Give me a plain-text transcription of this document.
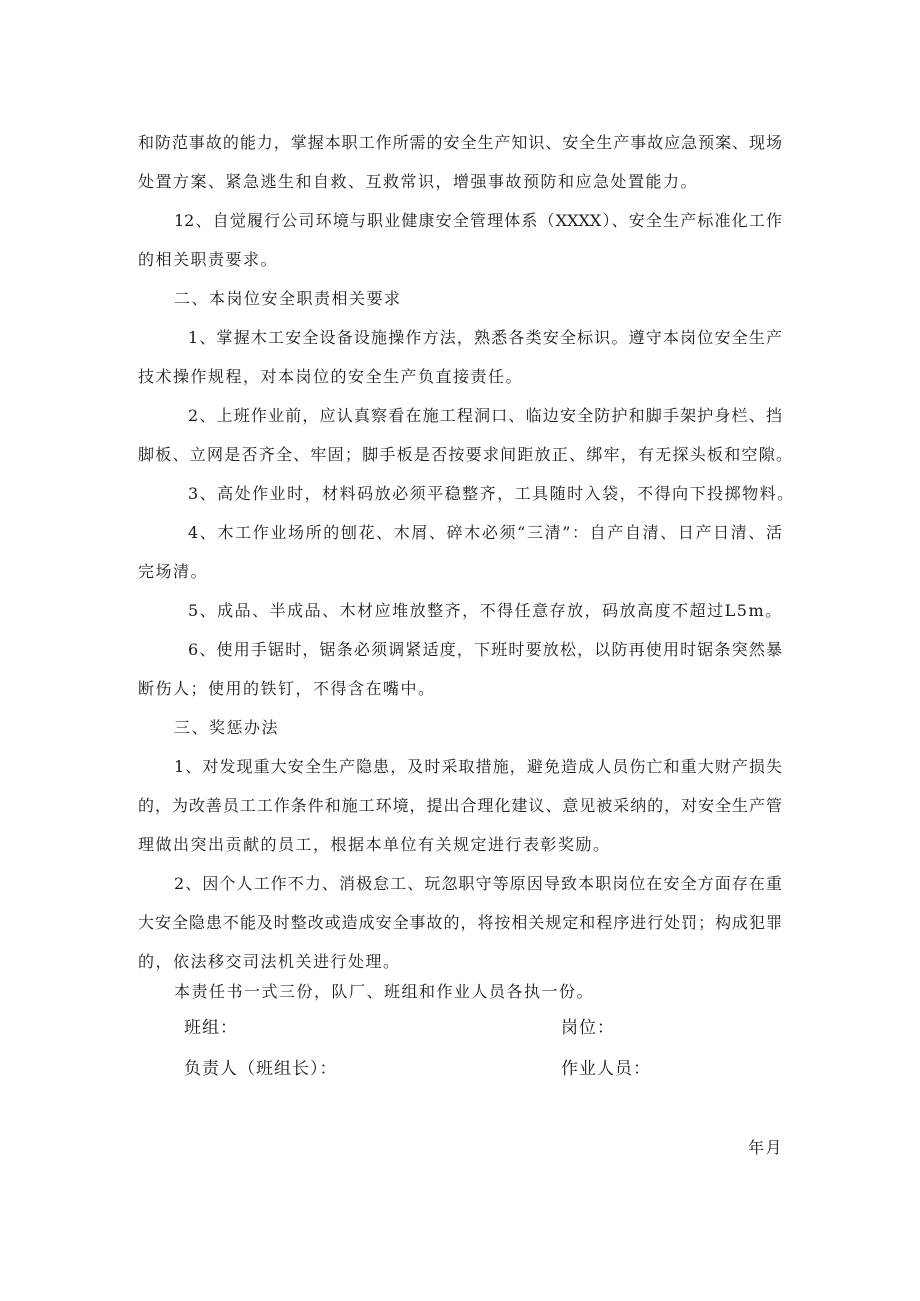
和防范事故的能力，掌握本职工作所需的安全生产知识、安全生产事故应急预案、现场
处置方案、紧急逃生和自救、互救常识，增强事故预防和应急处置能力。
12、自觉履行公司环境与职业健康安全管理体系（XXXX）、安全生产标准化工作
的相关职责要求。
二、本岗位安全职责相关要求
1、掌握木工安全设备设施操作方法，熟悉各类安全标识。遵守本岗位安全生产
技术操作规程，对本岗位的安全生产负直接责任。
2、上班作业前，应认真察看在施工程洞口、临边安全防护和脚手架护身栏、挡
脚板、立网是否齐全、牢固；脚手板是否按要求间距放正、绑牢，有无探头板和空隙。
3、高处作业时，材料码放必须平稳整齐，工具随时入袋，不得向下投掷物料。
4、木工作业场所的刨花、木屑、碎木必须“三清”：自产自清、日产日清、活
完场清。
5、成品、半成品、木材应堆放整齐，不得任意存放，码放高度不超过L5m。
6、使用手锯时，锯条必须调紧适度，下班时要放松，以防再使用时锯条突然暴
断伤人；使用的铁钉，不得含在嘴中。
三、奖惩办法
1、对发现重大安全生产隐患，及时采取措施，避免造成人员伤亡和重大财产损失
的，为改善员工工作条件和施工环境，提出合理化建议、意见被采纳的，对安全生产管
理做出突出贡献的员工，根据本单位有关规定进行表彰奖励。
2、因个人工作不力、消极怠工、玩忽职守等原因导致本职岗位在安全方面存在重
大安全隐患不能及时整改或造成安全事故的，将按相关规定和程序进行处罚；构成犯罪
的，依法移交司法机关进行处理。
本责任书一式三份，队厂、班组和作业人员各执一份。
班组：	岗位：
负责人（班组长）：	作业人员：
年月
